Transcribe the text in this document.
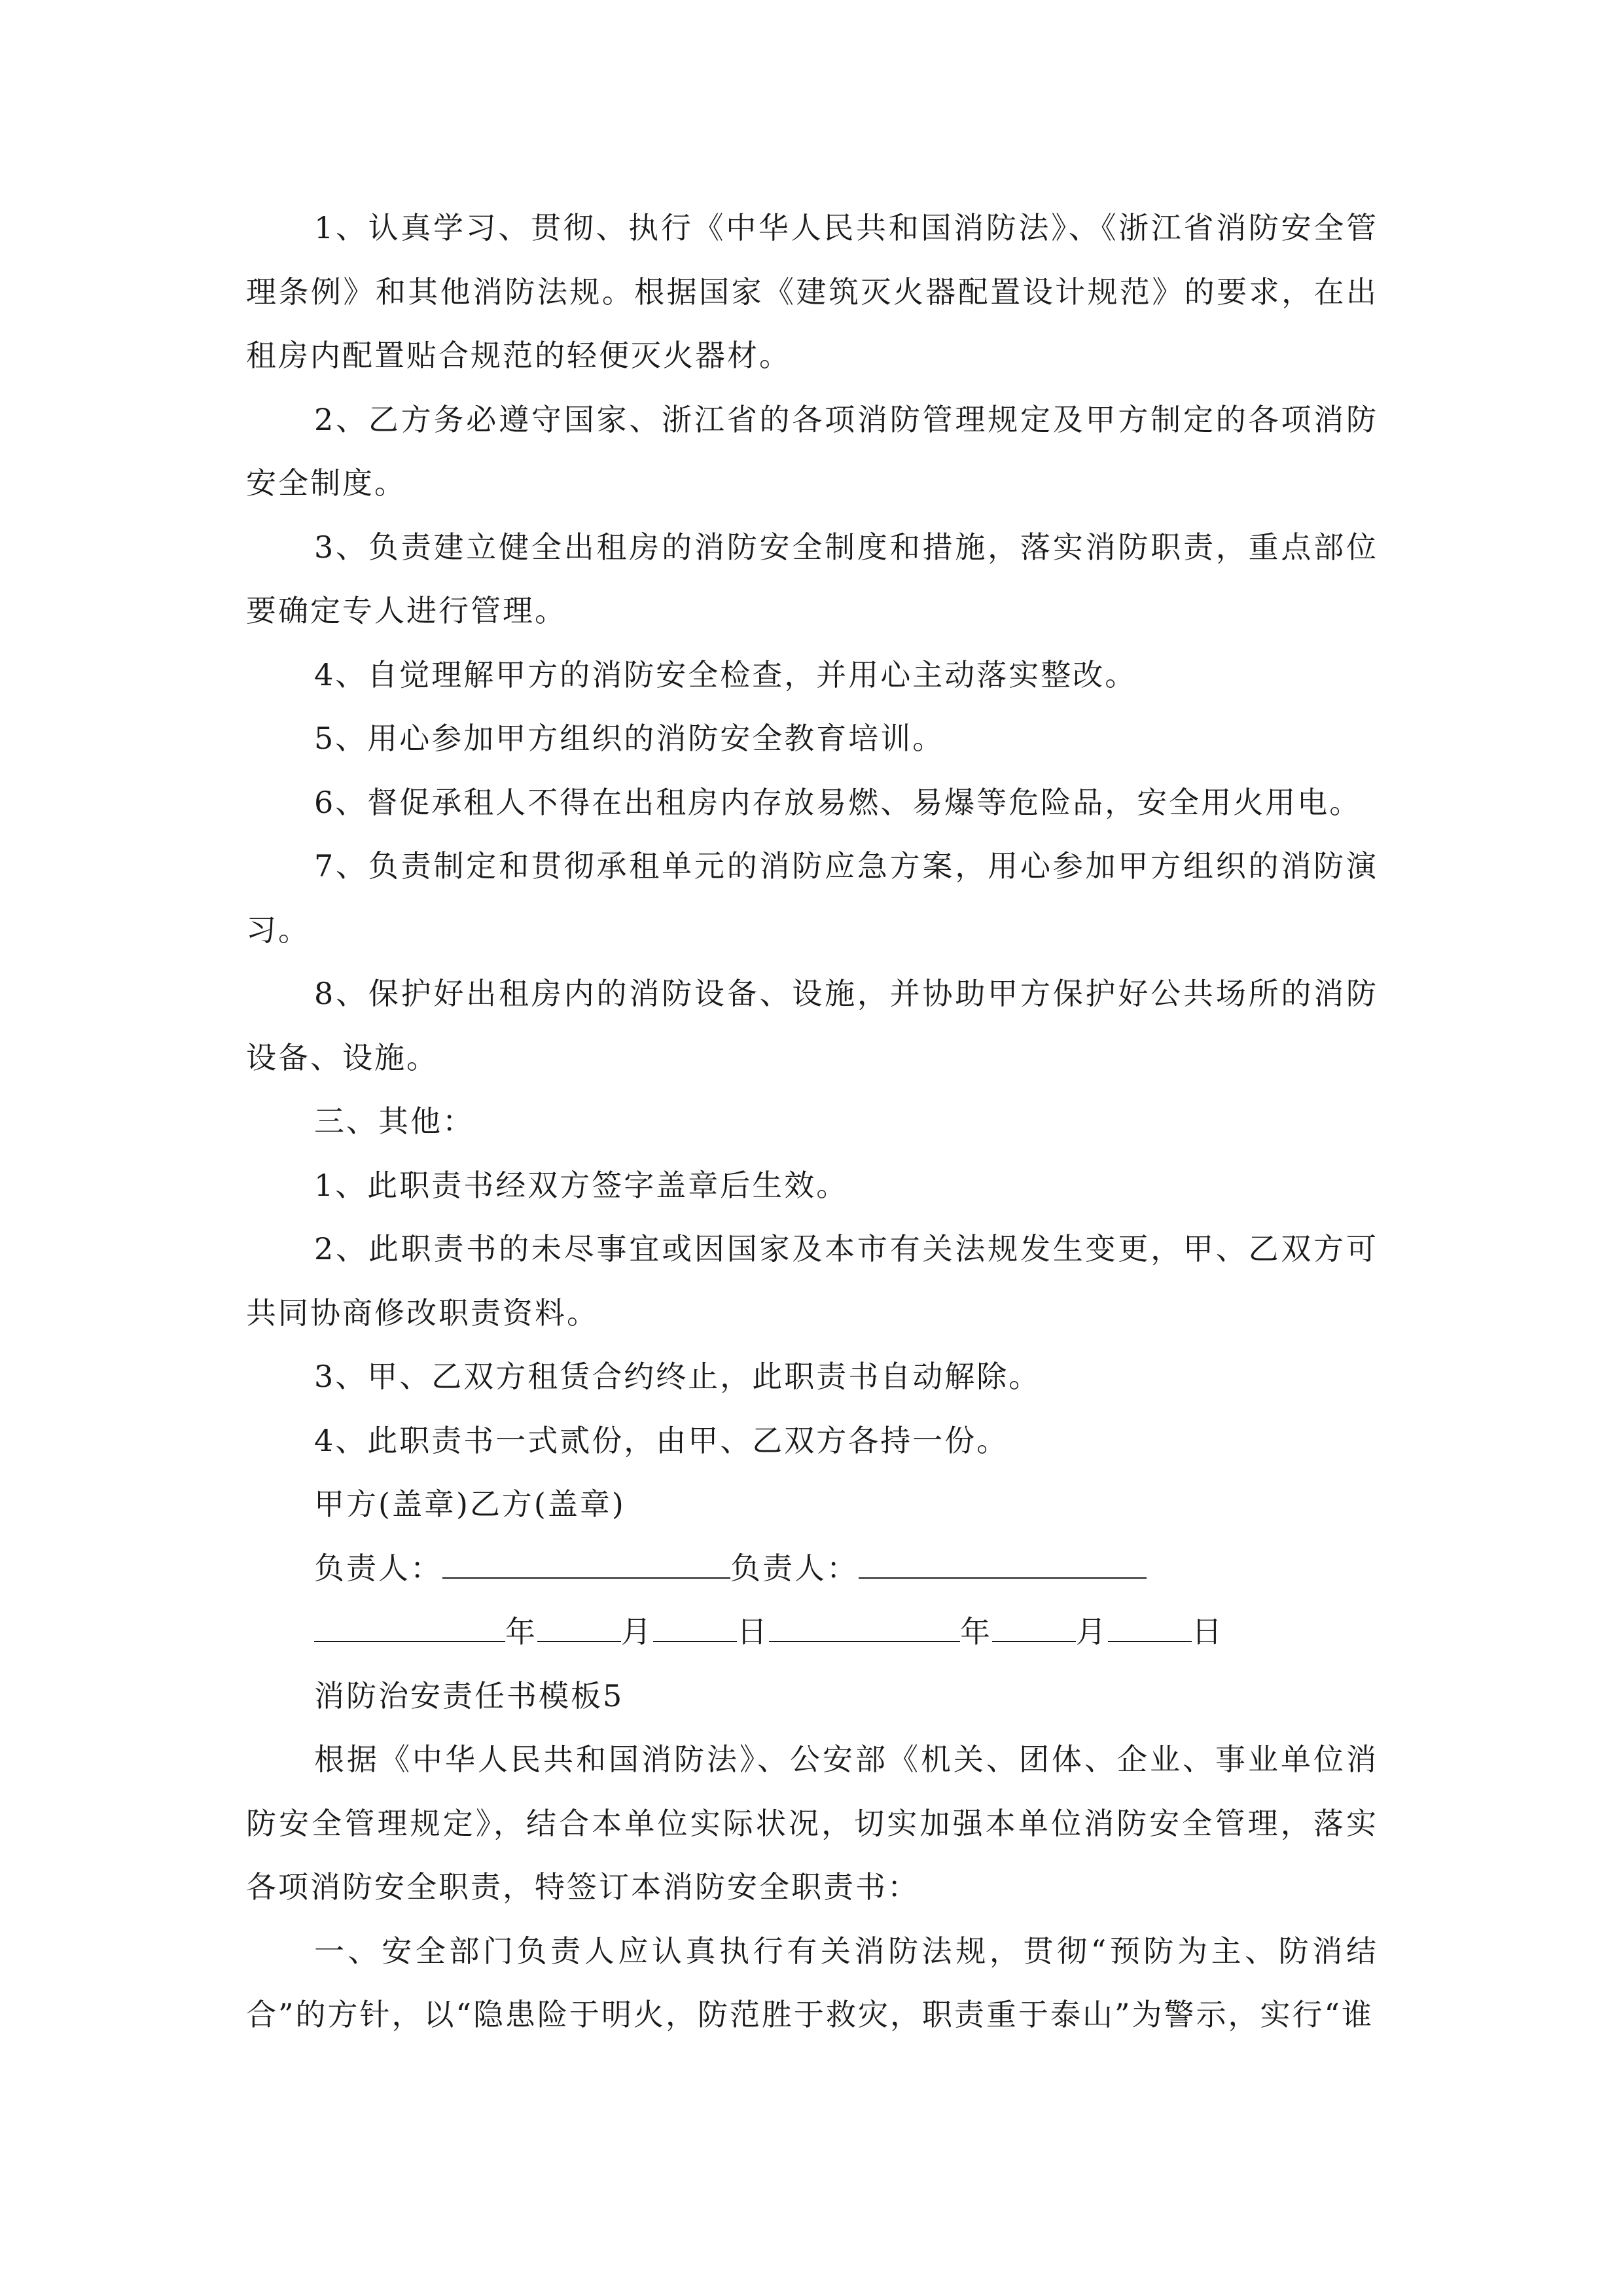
1、认真学习、贯彻、执行《中华人民共和国消防法》、《浙江省消防安全管理条例》和其他消防法规。根据国家《建筑灭火器配置设计规范》的要求，在出租房内配置贴合规范的轻便灭火器材。

2、乙方务必遵守国家、浙江省的各项消防管理规定及甲方制定的各项消防安全制度。

3、负责建立健全出租房的消防安全制度和措施，落实消防职责，重点部位要确定专人进行管理。

4、自觉理解甲方的消防安全检查，并用心主动落实整改。

5、用心参加甲方组织的消防安全教育培训。

6、督促承租人不得在出租房内存放易燃、易爆等危险品，安全用火用电。

7、负责制定和贯彻承租单元的消防应急方案，用心参加甲方组织的消防演习。

8、保护好出租房内的消防设备、设施，并协助甲方保护好公共场所的消防设备、设施。

三、其他：

1、此职责书经双方签字盖章后生效。

2、此职责书的未尽事宜或因国家及本市有关法规发生变更，甲、乙双方可共同协商修改职责资料。

3、甲、乙双方租赁合约终止，此职责书自动解除。

4、此职责书一式贰份，由甲、乙双方各持一份。

甲方(盖章)乙方(盖章)

负责人：	负责人：
年	月	日	年	月	日

消防治安责任书模板5

根据《中华人民共和国消防法》、公安部《机关、团体、企业、事业单位消防安全管理规定》，结合本单位实际状况，切实加强本单位消防安全管理，落实各项消防安全职责，特签订本消防安全职责书：

一、安全部门负责人应认真执行有关消防法规，贯彻“预防为主、防消结合”的方针，以“隐患险于明火，防范胜于救灾，职责重于泰山”为警示，实行“谁
